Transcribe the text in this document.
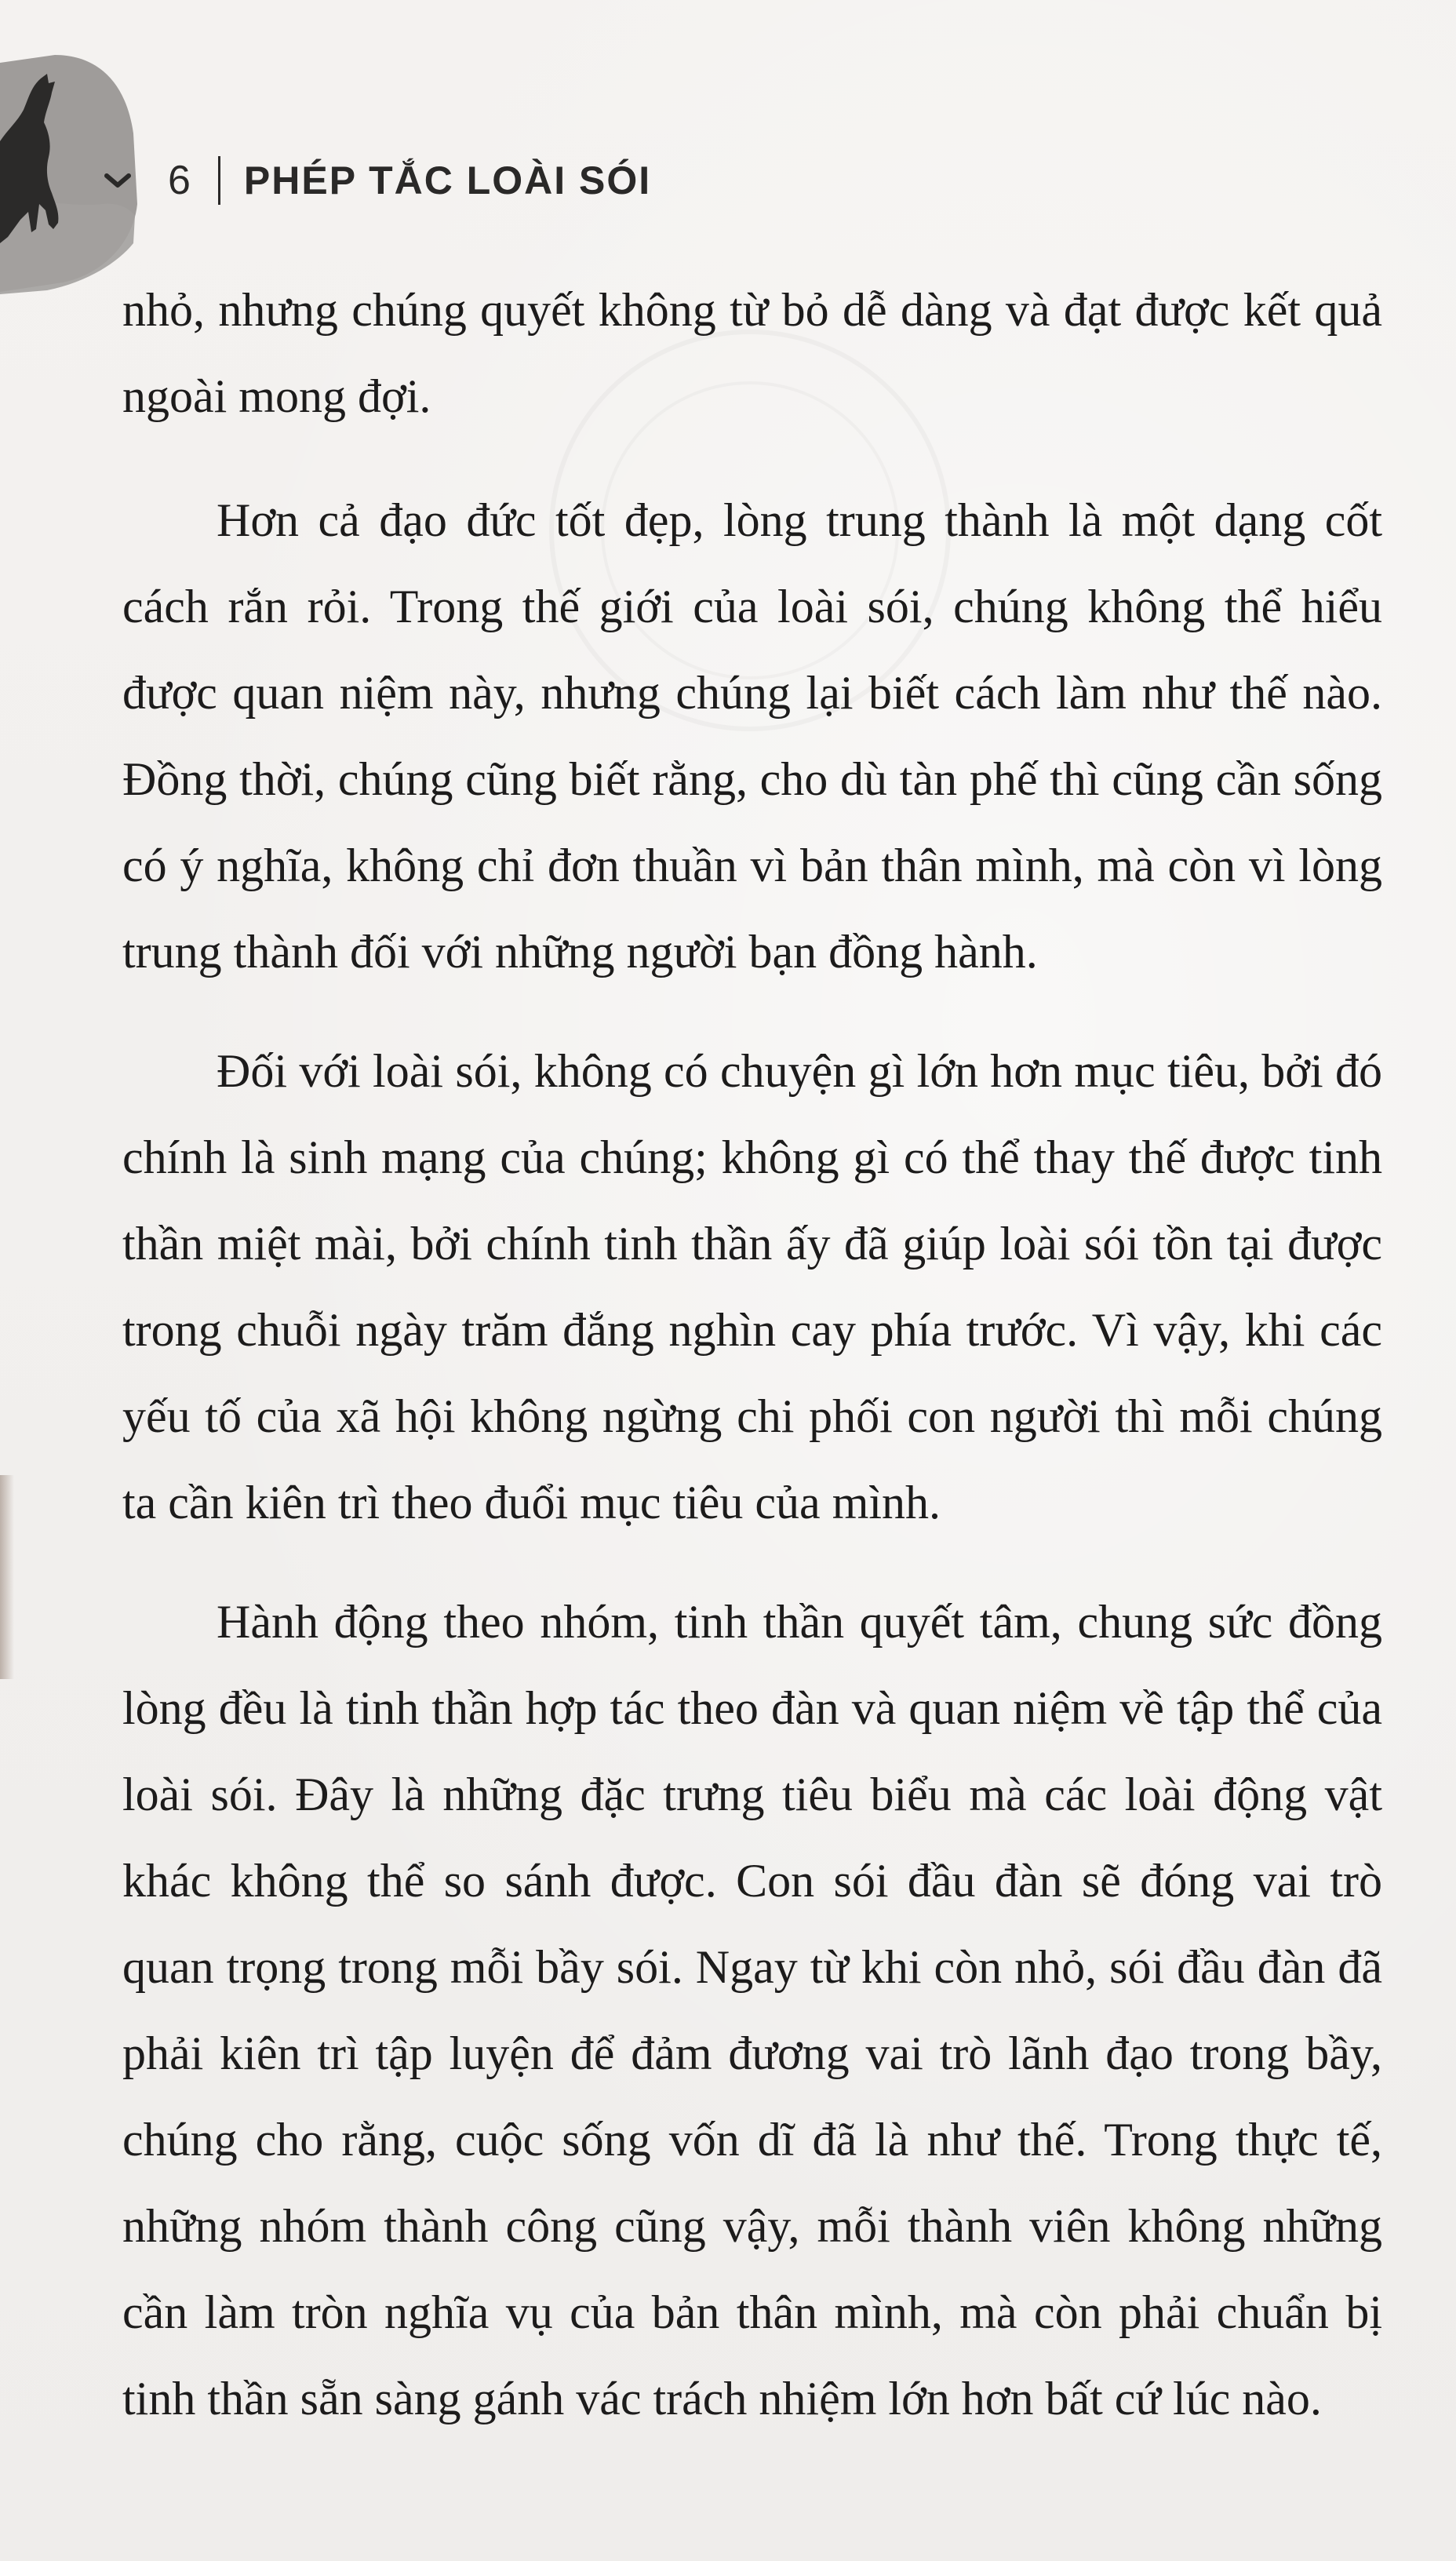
6 PHÉP TẮC LOÀI SÓI

nhỏ, nhưng chúng quyết không từ bỏ dễ dàng và đạt được kết quả ngoài mong đợi.

Hơn cả đạo đức tốt đẹp, lòng trung thành là một dạng cốt cách rắn rỏi. Trong thế giới của loài sói, chúng không thể hiểu được quan niệm này, nhưng chúng lại biết cách làm như thế nào. Đồng thời, chúng cũng biết rằng, cho dù tàn phế thì cũng cần sống có ý nghĩa, không chỉ đơn thuần vì bản thân mình, mà còn vì lòng trung thành đối với những người bạn đồng hành.

Đối với loài sói, không có chuyện gì lớn hơn mục tiêu, bởi đó chính là sinh mạng của chúng; không gì có thể thay thế được tinh thần miệt mài, bởi chính tinh thần ấy đã giúp loài sói tồn tại được trong chuỗi ngày trăm đắng nghìn cay phía trước. Vì vậy, khi các yếu tố của xã hội không ngừng chi phối con người thì mỗi chúng ta cần kiên trì theo đuổi mục tiêu của mình.

Hành động theo nhóm, tinh thần quyết tâm, chung sức đồng lòng đều là tinh thần hợp tác theo đàn và quan niệm về tập thể của loài sói. Đây là những đặc trưng tiêu biểu mà các loài động vật khác không thể so sánh được. Con sói đầu đàn sẽ đóng vai trò quan trọng trong mỗi bầy sói. Ngay từ khi còn nhỏ, sói đầu đàn đã phải kiên trì tập luyện để đảm đương vai trò lãnh đạo trong bầy, chúng cho rằng, cuộc sống vốn dĩ đã là như thế. Trong thực tế, những nhóm thành công cũng vậy, mỗi thành viên không những cần làm tròn nghĩa vụ của bản thân mình, mà còn phải chuẩn bị tinh thần sẵn sàng gánh vác trách nhiệm lớn hơn bất cứ lúc nào.
